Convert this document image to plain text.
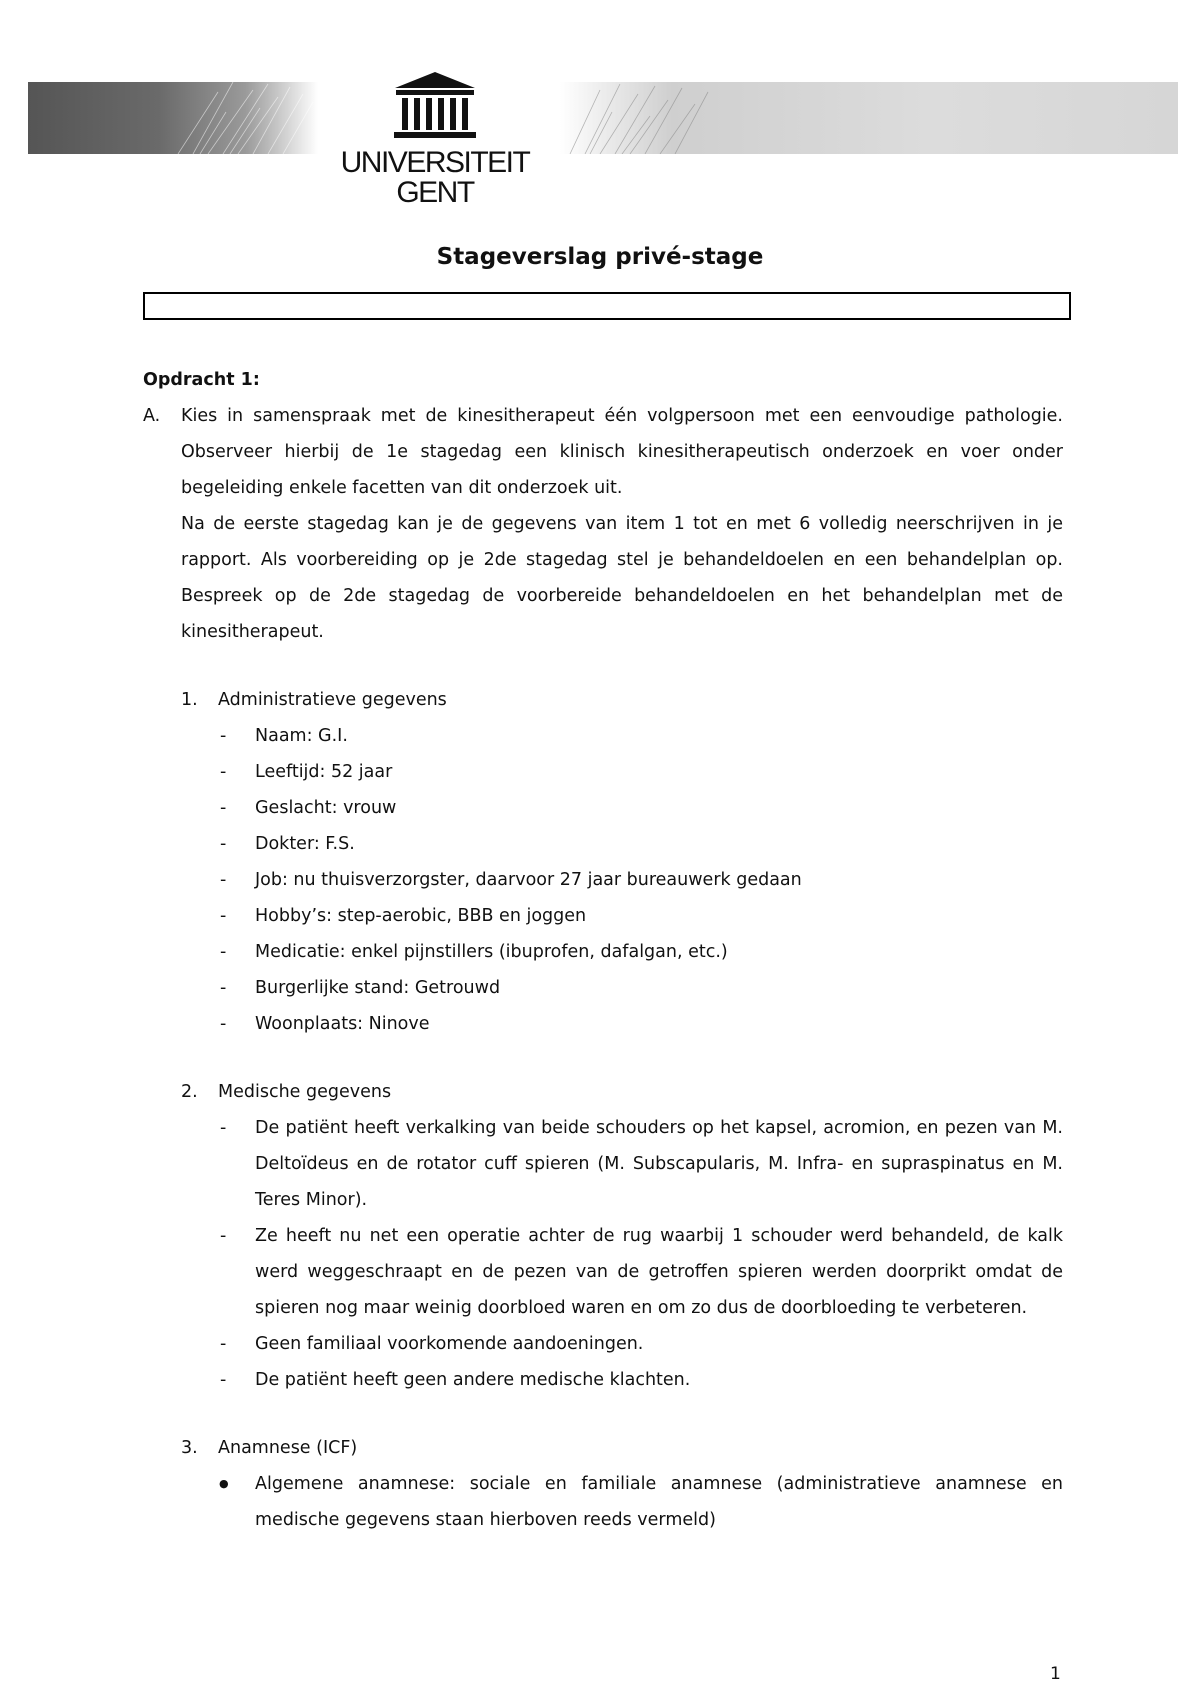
UNIVERSITEIT
GENT
Stageverslag privé-stage
Opdracht 1:
A. Kies in samenspraak met de kinesitherapeut één volgpersoon met een eenvoudige pathologie. Observeer hierbij de 1e stagedag een klinisch kinesitherapeutisch onderzoek en voer onder begeleiding enkele facetten van dit onderzoek uit.

Na de eerste stagedag kan je de gegevens van item 1 tot en met 6 volledig neerschrijven in je rapport. Als voorbereiding op je 2de stagedag stel je behandeldoelen en een behandelplan op. Bespreek op de 2de stagedag de voorbereide behandeldoelen en het behandelplan met de kinesitherapeut.

1. Administratieve gegevens
- Naam: G.I.
- Leeftijd: 52 jaar
- Geslacht: vrouw
- Dokter: F.S.
- Job: nu thuisverzorgster, daarvoor 27 jaar bureauwerk gedaan
- Hobby’s: step-aerobic, BBB en joggen
- Medicatie: enkel pijnstillers (ibuprofen, dafalgan, etc.)
- Burgerlijke stand: Getrouwd
- Woonplaats: Ninove
2. Medische gegevens
- De patiënt heeft verkalking van beide schouders op het kapsel, acromion, en pezen van M. Deltoïdeus en de rotator cuff spieren (M. Subscapularis, M. Infra- en supraspinatus en M. Teres Minor).
- Ze heeft nu net een operatie achter de rug waarbij 1 schouder werd behandeld, de kalk werd weggeschraapt en de pezen van de getroffen spieren werden doorprikt omdat de spieren nog maar weinig doorbloed waren en om zo dus de doorbloeding te verbeteren.
- Geen familiaal voorkomende aandoeningen.
- De patiënt heeft geen andere medische klachten.
3. Anamnese (ICF)
● Algemene anamnese: sociale en familiale anamnese (administratieve anamnese en medische gegevens staan hierboven reeds vermeld)
1
